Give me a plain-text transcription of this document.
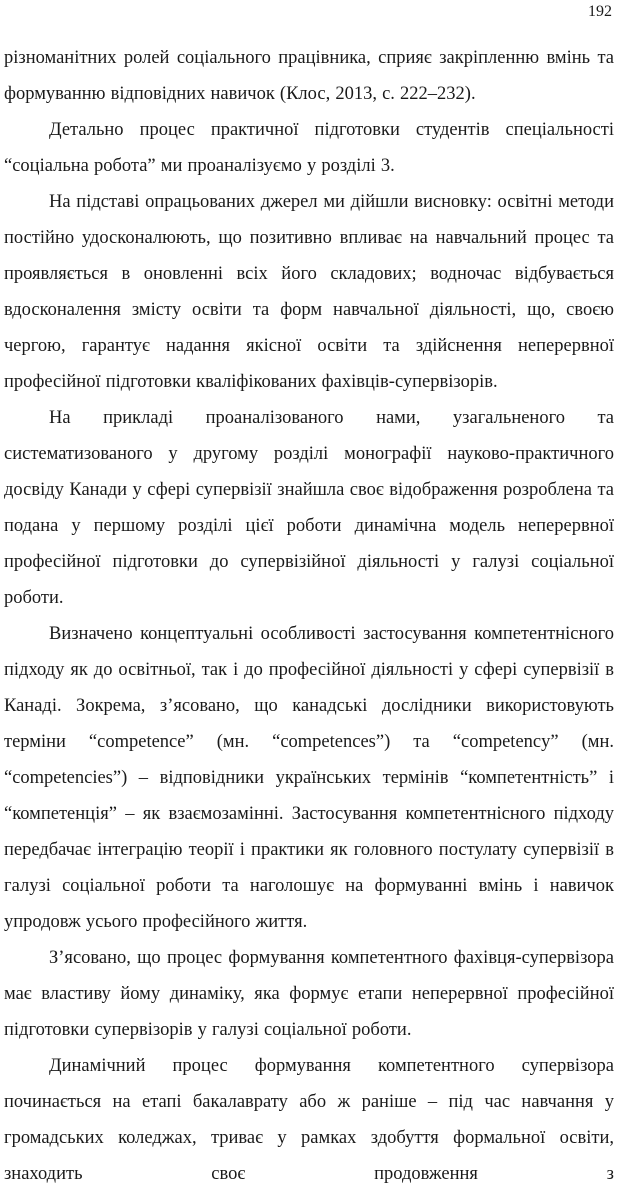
192

різноманітних ролей соціального працівника, сприяє закріпленню вмінь та формуванню відповідних навичок (Клос, 2013, с. 222–232).

Детально процес практичної підготовки студентів спеціальності “соціальна робота” ми проаналізуємо у розділі 3.

На підставі опрацьованих джерел ми дійшли висновку: освітні методи постійно удосконалюють, що позитивно впливає на навчальний процес та проявляється в оновленні всіх його складових; водночас відбувається вдосконалення змісту освіти та форм навчальної діяльності, що, своєю чергою, гарантує надання якісної освіти та здійснення неперервної професійної підготовки кваліфікованих фахівців-супервізорів.

На прикладі проаналізованого нами, узагальненого та систематизованого у другому розділі монографії науково-практичного досвіду Канади у сфері супервізії знайшла своє відображення розроблена та подана у першому розділі цієї роботи динамічна модель неперервної професійної підготовки до супервізійної діяльності у галузі соціальної роботи.

Визначено концептуальні особливості застосування компетентнісного підходу як до освітньої, так і до професійної діяльності у сфері супервізії в Канаді. Зокрема, з’ясовано, що канадські дослідники використовують терміни “competence” (мн. “competences”) та “competency” (мн. “competencies”) – відповідники українських термінів “компетентність” і “компетенція” – як взаємозамінні. Застосування компетентнісного підходу передбачає інтеграцію теорії і практики як головного постулату супервізії в галузі соціальної роботи та наголошує на формуванні вмінь і навичок упродовж усього професійного життя.

З’ясовано, що процес формування компетентного фахівця-супервізора має властиву йому динаміку, яка формує етапи неперервної професійної підготовки супервізорів у галузі соціальної роботи.

Динамічний процес формування компетентного супервізора починається на етапі бакалаврату або ж раніше – під час навчання у громадських коледжах, триває у рамках здобуття формальної освіти, знаходить своє продовження з
